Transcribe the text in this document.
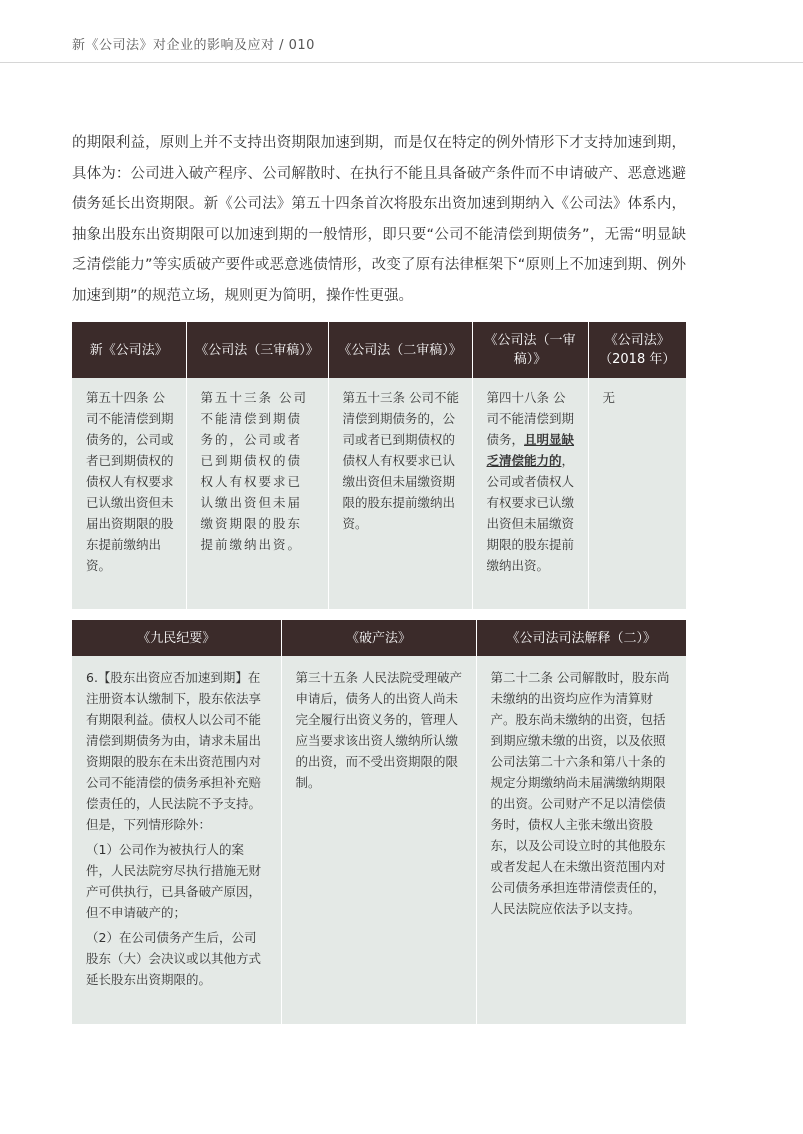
新《公司法》对企业的影响及应对 / 010

的期限利益，原则上并不支持出资期限加速到期，而是仅在特定的例外情形下才支持加速到期，具体为：公司进入破产程序、公司解散时、在执行不能且具备破产条件而不申请破产、恶意逃避债务延长出资期限。新《公司法》第五十四条首次将股东出资加速到期纳入《公司法》体系内，抽象出股东出资期限可以加速到期的一般情形，即只要“公司不能清偿到期债务”，无需“明显缺乏清偿能力”等实质破产要件或恶意逃债情形，改变了原有法律框架下“原则上不加速到期、例外加速到期”的规范立场，规则更为简明，操作性更强。

新《公司法》	《公司法（三审稿）》	《公司法（二审稿）》	《公司法（一审稿）》	《公司法》（2018 年）

第五十四条 公司不能清偿到期债务的，公司或者已到期债权的债权人有权要求已认缴出资但未届出资期限的股东提前缴纳出资。	第五十三条 公司不能清偿到期债务的，公司或者已到期债权的债权人有权要求已认缴出资但未届缴资期限的股东提前缴纳出资。	第五十三条 公司不能清偿到期债务的，公司或者已到期债权的债权人有权要求已认缴出资但未届缴资期限的股东提前缴纳出资。	第四十八条 公司不能清偿到期债务，且明显缺乏清偿能力的，公司或者债权人有权要求已认缴出资但未届缴资期限的股东提前缴纳出资。	无

《九民纪要》	《破产法》	《公司法司法解释（二）》

6.【股东出资应否加速到期】在注册资本认缴制下，股东依法享有期限利益。债权人以公司不能清偿到期债务为由，请求未届出资期限的股东在未出资范围内对公司不能清偿的债务承担补充赔偿责任的，人民法院不予支持。但是，下列情形除外：

（1）公司作为被执行人的案件，人民法院穷尽执行措施无财产可供执行，已具备破产原因，但不申请破产的；

（2）在公司债务产生后，公司股东（大）会决议或以其他方式延长股东出资期限的。	第三十五条 人民法院受理破产申请后，债务人的出资人尚未完全履行出资义务的，管理人应当要求该出资人缴纳所认缴的出资，而不受出资期限的限制。	第二十二条 公司解散时，股东尚未缴纳的出资均应作为清算财产。股东尚未缴纳的出资，包括到期应缴未缴的出资，以及依照公司法第二十六条和第八十条的规定分期缴纳尚未届满缴纳期限的出资。公司财产不足以清偿债务时，债权人主张未缴出资股东，以及公司设立时的其他股东或者发起人在未缴出资范围内对公司债务承担连带清偿责任的，人民法院应依法予以支持。
